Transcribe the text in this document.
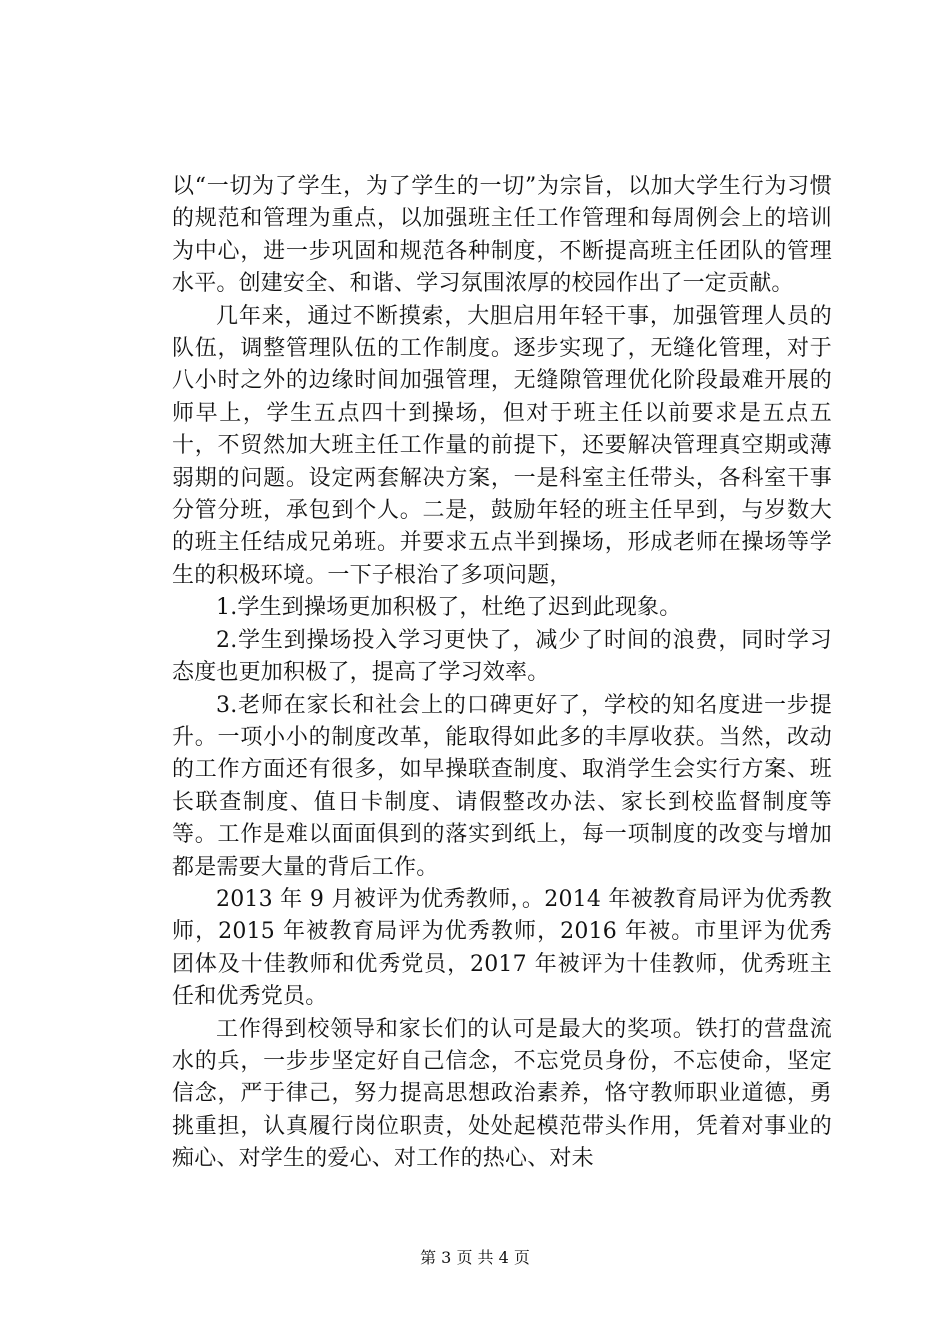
以“一切为了学生，为了学生的一切”为宗旨，以加大学生行为习惯的规范和管理为重点，以加强班主任工作管理和每周例会上的培训为中心，进一步巩固和规范各种制度，不断提高班主任团队的管理水平。创建安全、和谐、学习氛围浓厚的校园作出了一定贡献。

几年来，通过不断摸索，大胆启用年轻干事，加强管理人员的队伍，调整管理队伍的工作制度。逐步实现了，无缝化管理，对于八小时之外的边缘时间加强管理，无缝隙管理优化阶段最难开展的师早上，学生五点四十到操场，但对于班主任以前要求是五点五十，不贸然加大班主任工作量的前提下，还要解决管理真空期或薄弱期的问题。设定两套解决方案，一是科室主任带头，各科室干事分管分班，承包到个人。二是，鼓励年轻的班主任早到，与岁数大的班主任结成兄弟班。并要求五点半到操场，形成老师在操场等学生的积极环境。一下子根治了多项问题，

1.学生到操场更加积极了，杜绝了迟到此现象。

2.学生到操场投入学习更快了，减少了时间的浪费，同时学习态度也更加积极了，提高了学习效率。

3.老师在家长和社会上的口碑更好了，学校的知名度进一步提升。一项小小的制度改革，能取得如此多的丰厚收获。当然，改动的工作方面还有很多，如早操联查制度、取消学生会实行方案、班长联查制度、值日卡制度、请假整改办法、家长到校监督制度等等。工作是难以面面俱到的落实到纸上，每一项制度的改变与增加都是需要大量的背后工作。

2013 年 9 月被评为优秀教师，。2014 年被教育局评为优秀教师，2015 年被教育局评为优秀教师，2016 年被。市里评为优秀团体及十佳教师和优秀党员，2017 年被评为十佳教师，优秀班主任和优秀党员。

工作得到校领导和家长们的认可是最大的奖项。铁打的营盘流水的兵，一步步坚定好自己信念，不忘党员身份，不忘使命，坚定信念，严于律己，努力提高思想政治素养，恪守教师职业道德，勇挑重担，认真履行岗位职责，处处起模范带头作用，凭着对事业的痴心、对学生的爱心、对工作的热心、对未

第 3 页 共 4 页
